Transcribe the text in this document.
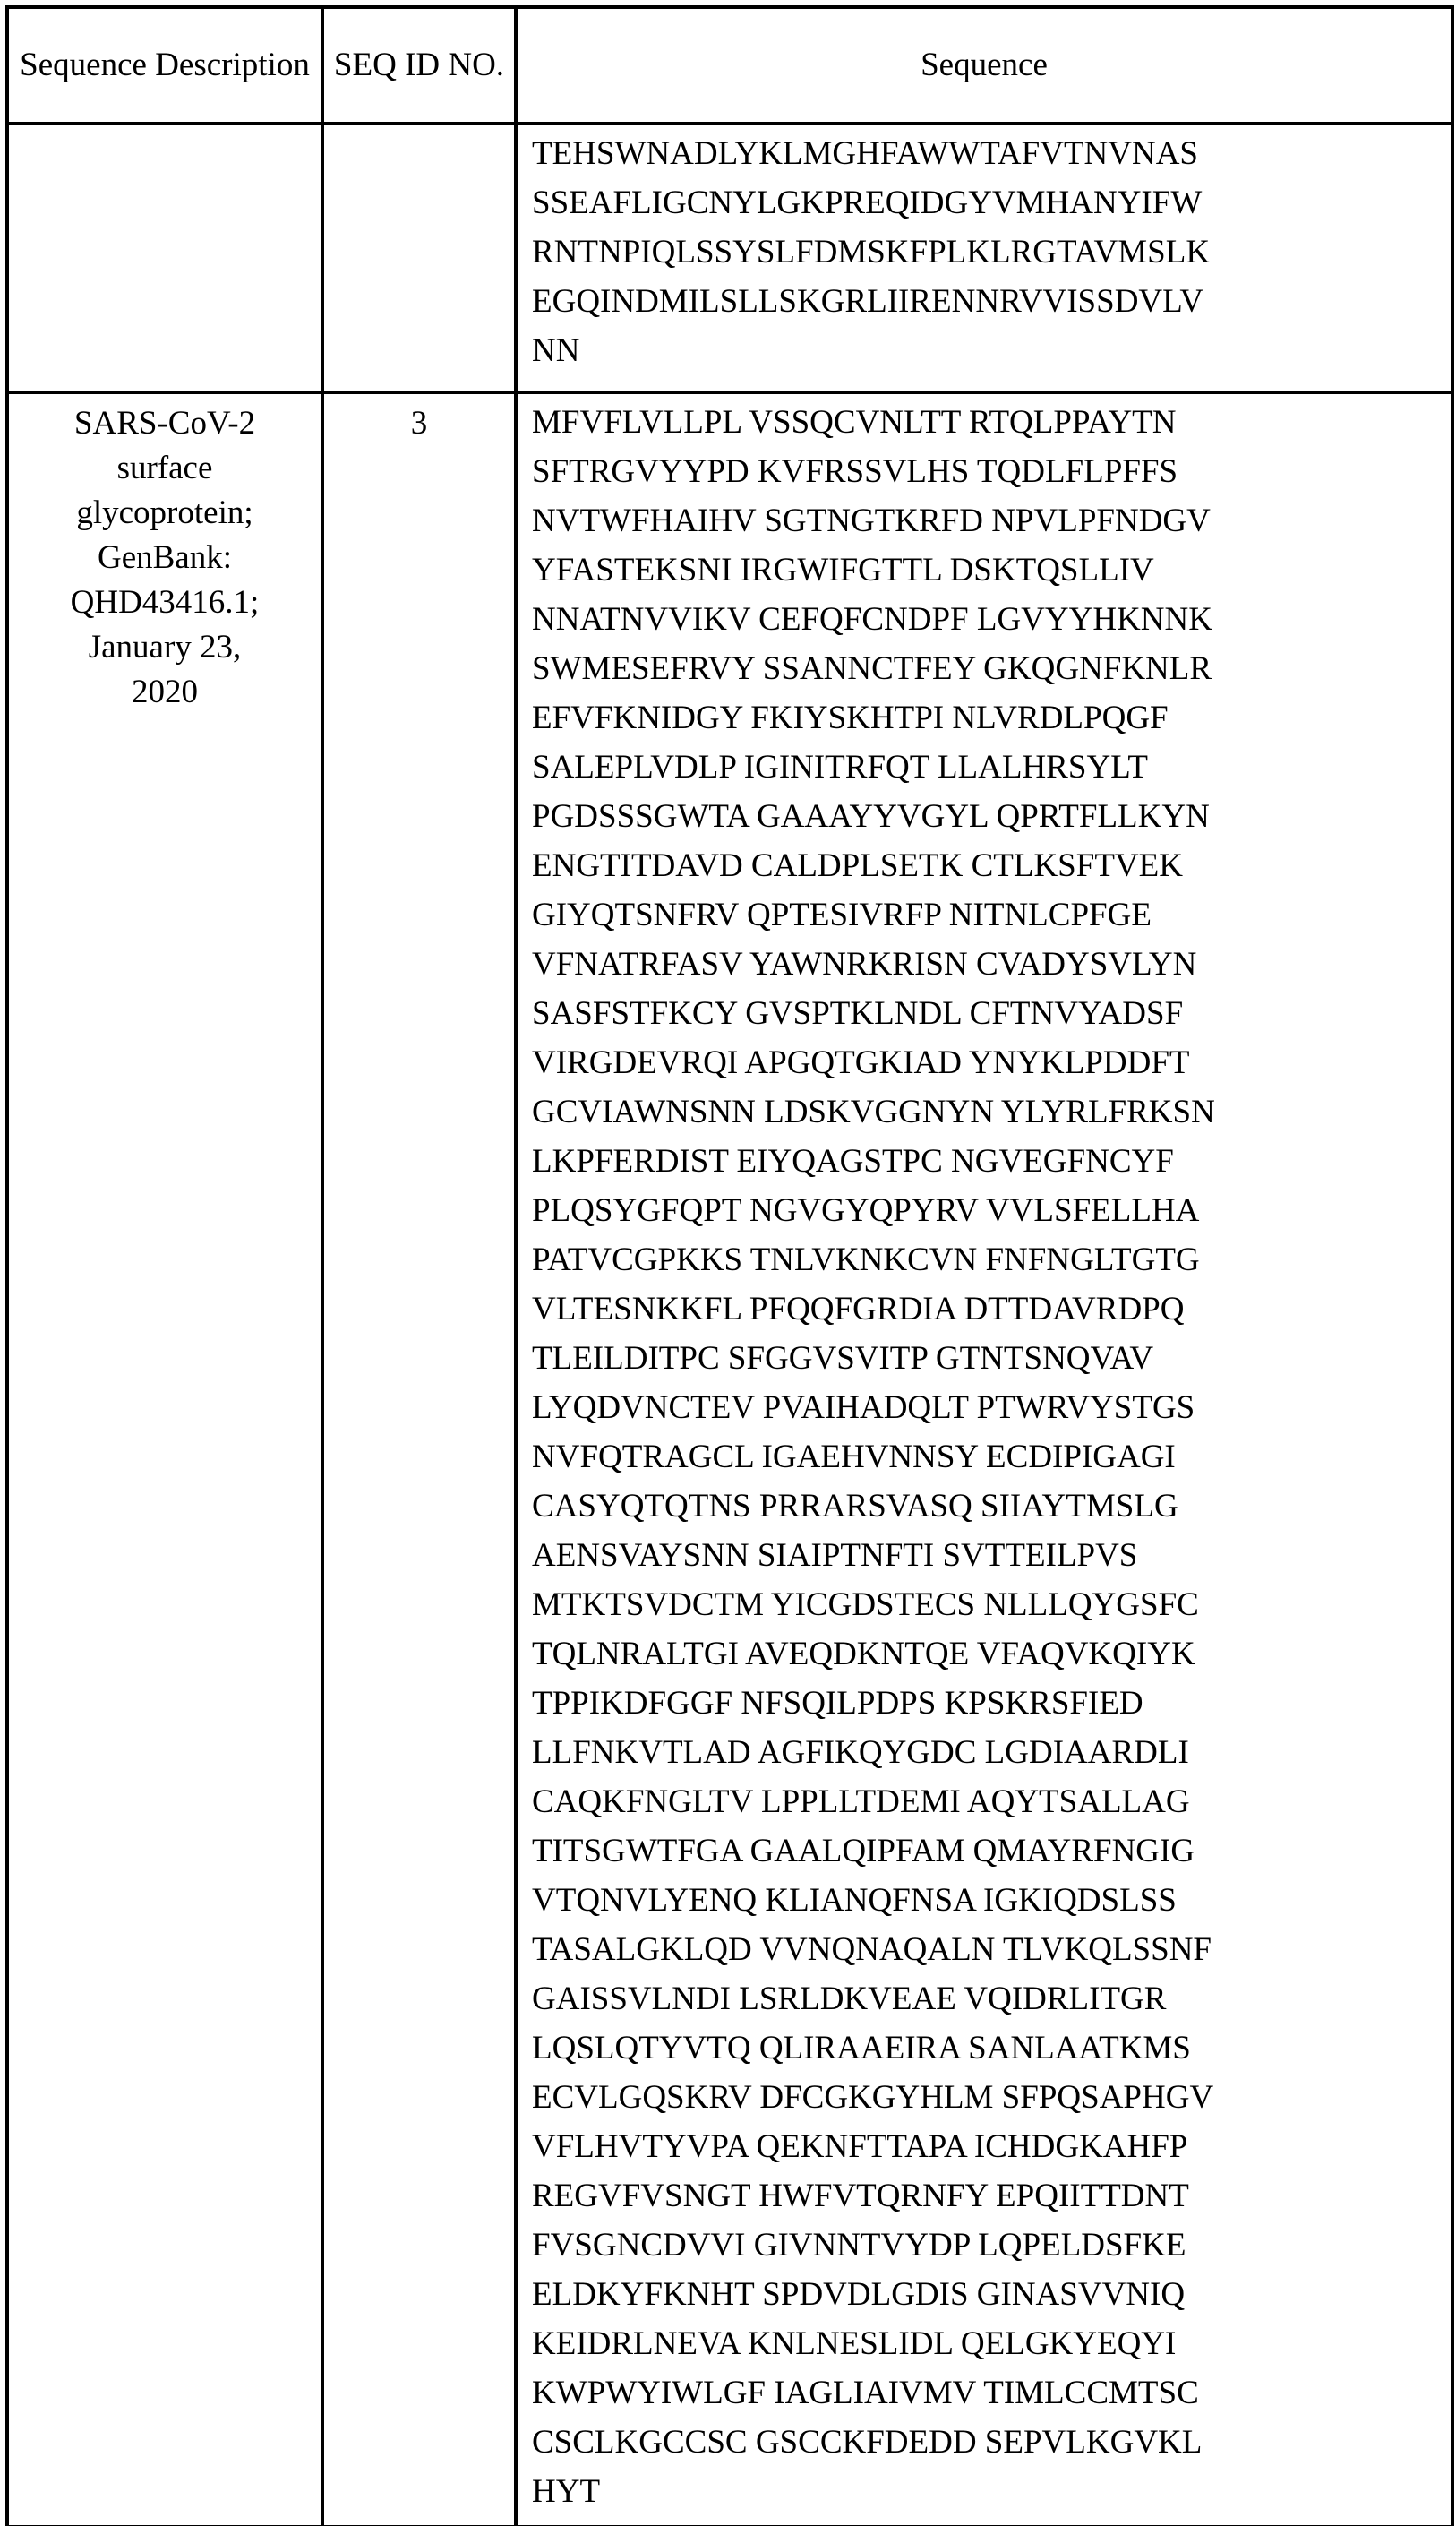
Sequence Description	SEQ ID NO.	Sequence
		TEHSWNADLYKLMGHFAWWTAFVTNVNAS
SSEAFLIGCNYLGKPREQIDGYVMHANYIFW
RNTNPIQLSSYSLFDMSKFPLKLRGTAVMSLK
EGQINDMILSLLSKGRLIIRENNRVVISSDVLV
NN
SARS-CoV-2
surface
glycoprotein;
GenBank:
QHD43416.1;
January 23,
2020	3	MFVFLVLLPL VSSQCVNLTT RTQLPPAYTN
SFTRGVYYPD KVFRSSVLHS TQDLFLPFFS
NVTWFHAIHV SGTNGTKRFD NPVLPFNDGV
YFASTEKSNI IRGWIFGTTL DSKTQSLLIV
NNATNVVIKV CEFQFCNDPF LGVYYHKNNK
SWMESEFRVY SSANNCTFEY GKQGNFKNLR
EFVFKNIDGY FKIYSKHTPI NLVRDLPQGF
SALEPLVDLP IGINITRFQT LLALHRSYLT
PGDSSSGWTA GAAAYYVGYL QPRTFLLKYN
ENGTITDAVD CALDPLSETK CTLKSFTVEK
GIYQTSNFRV QPTESIVRFP NITNLCPFGE
VFNATRFASV YAWNRKRISN CVADYSVLYN
SASFSTFKCY GVSPTKLNDL CFTNVYADSF
VIRGDEVRQI APGQTGKIAD YNYKLPDDFT
GCVIAWNSNN LDSKVGGNYN YLYRLFRKSN
LKPFERDIST EIYQAGSTPC NGVEGFNCYF
PLQSYGFQPT NGVGYQPYRV VVLSFELLHA
PATVCGPKKS TNLVKNKCVN FNFNGLTGTG
VLTESNKKFL PFQQFGRDIA DTTDAVRDPQ
TLEILDITPC SFGGVSVITP GTNTSNQVAV
LYQDVNCTEV PVAIHADQLT PTWRVYSTGS
NVFQTRAGCL IGAEHVNNSY ECDIPIGAGI
CASYQTQTNS PRRARSVASQ SIIAYTMSLG
AENSVAYSNN SIAIPTNFTI SVTTEILPVS
MTKTSVDCTM YICGDSTECS NLLLQYGSFC
TQLNRALTGI AVEQDKNTQE VFAQVKQIYK
TPPIKDFGGF NFSQILPDPS KPSKRSFIED
LLFNKVTLAD AGFIKQYGDC LGDIAARDLI
CAQKFNGLTV LPPLLTDEMI AQYTSALLAG
TITSGWTFGA GAALQIPFAM QMAYRFNGIG
VTQNVLYENQ KLIANQFNSA IGKIQDSLSS
TASALGKLQD VVNQNAQALN TLVKQLSSNF
GAISSVLNDI LSRLDKVEAE VQIDRLITGR
LQSLQTYVTQ QLIRAAEIRA SANLAATKMS
ECVLGQSKRV DFCGKGYHLM SFPQSAPHGV
VFLHVTYVPA QEKNFTTAPA ICHDGKAHFP
REGVFVSNGT HWFVTQRNFY EPQIITTDNT
FVSGNCDVVI GIVNNTVYDP LQPELDSFKE
ELDKYFKNHT SPDVDLGDIS GINASVVNIQ
KEIDRLNEVA KNLNESLIDL QELGKYEQYI
KWPWYIWLGF IAGLIAIVMV TIMLCCMTSC
CSCLKGCCSC GSCCKFDEDD SEPVLKGVKL
HYT
